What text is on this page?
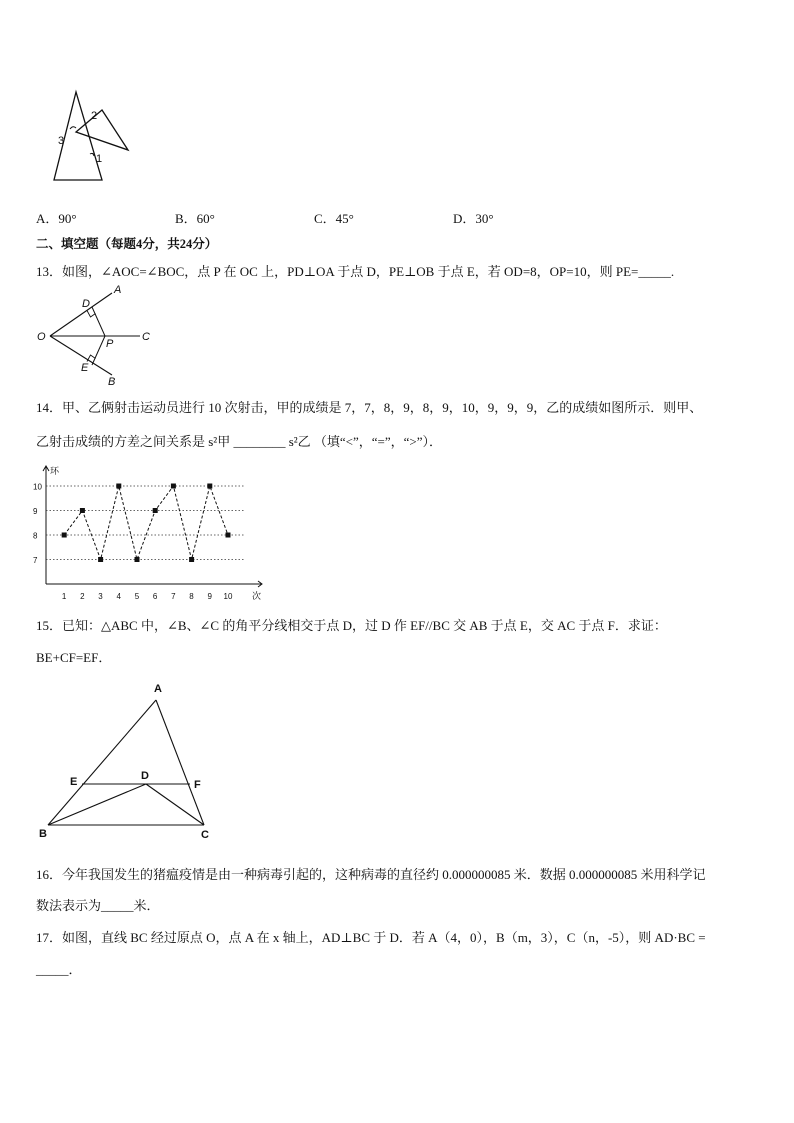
2
3
1
A．90°	B．60°	C．45°	D．30°
二、填空题（每题4分，共24分）
13．如图，∠AOC=∠BOC，点 P 在 OC 上，PD⊥OA 于点 D，PE⊥OB 于点 E，若 OD=8，OP=10，则 PE=_____.
A
D
O
P
C
E
B
14．甲、乙俩射击运动员进行 10 次射击，甲的成绩是 7，7，8，9，8，9，10，9，9，9，乙的成绩如图所示．则甲、
乙射击成绩的方差之间关系是 s²甲 ________ s²乙 （填“<”，“=”，“>”）．
7
8
9
10
1 2 3 4 5 6 7 8 9 10
环
次
15．已知：△ABC 中，∠B、∠C 的角平分线相交于点 D，过 D 作 EF//BC 交 AB 于点 E，交 AC 于点 F．求证：
BE+CF=EF．
A
E	D
F
B	C
16．今年我国发生的猪瘟疫情是由一种病毒引起的，这种病毒的直径约 0.000000085 米．数据 0.000000085 米用科学记
数法表示为_____米．
17．如图，直线 BC 经过原点 O，点 A 在 x 轴上，AD⊥BC 于 D．若 A（4，0），B（m，3），C（n，-5），则 AD·BC =
_____．
